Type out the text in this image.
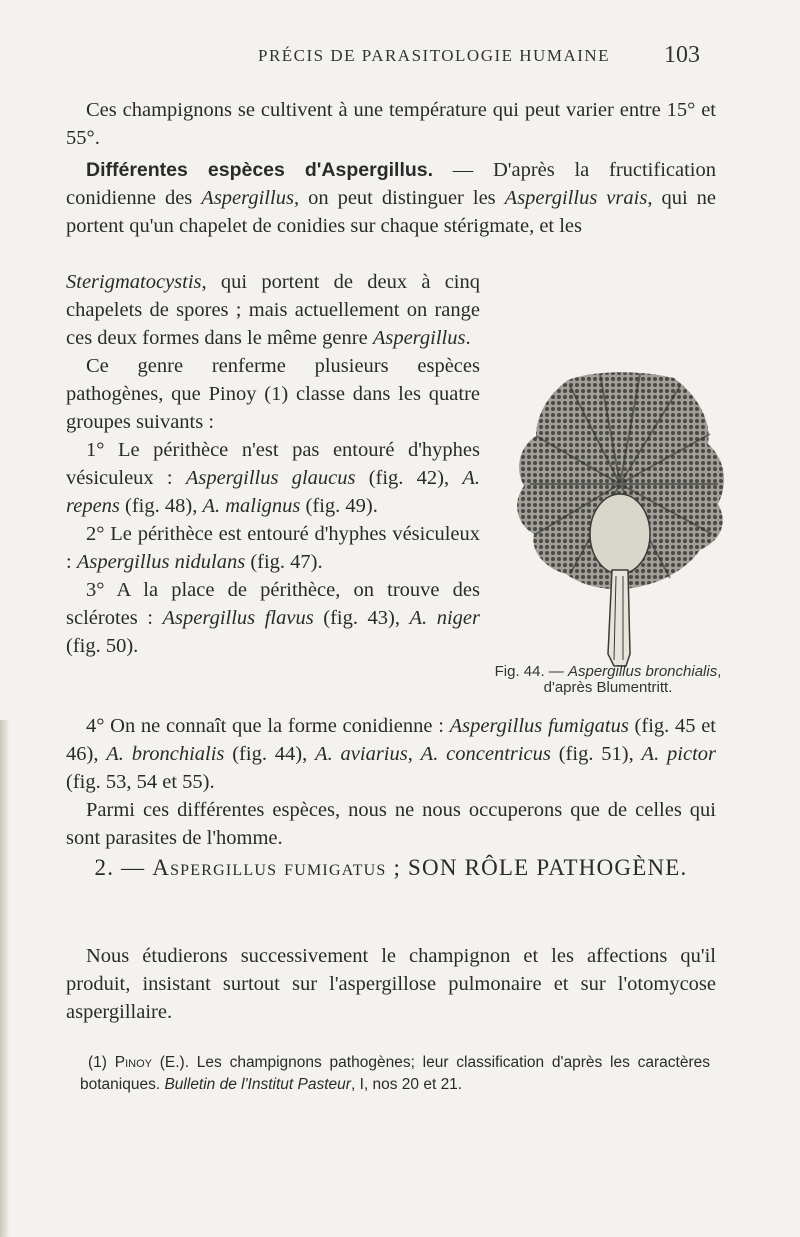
PRÉCIS DE PARASITOLOGIE HUMAINE 103

Ces champignons se cultivent à une température qui peut varier entre 15° et 55°.

Différentes espèces d'Aspergillus. — D'après la fructification conidienne des Aspergillus, on peut distinguer les Aspergillus vrais, qui ne portent qu'un chapelet de conidies sur chaque stérigmate, et les

Sterigmatocystis, qui portent de deux à cinq chapelets de spores ; mais actuellement on range ces deux formes dans le même genre Aspergillus.

Ce genre renferme plusieurs espèces pathogènes, que Pinoy (1) classe dans les quatre groupes suivants :

1° Le périthèce n'est pas entouré d'hyphes vésiculeux : Aspergillus glaucus (fig. 42), A. repens (fig. 48), A. malignus (fig. 49).

2° Le périthèce est entouré d'hyphes vésiculeux : Aspergillus nidulans (fig. 47).

3° A la place de périthèce, on trouve des sclérotes : Aspergillus flavus (fig. 43), A. niger (fig. 50).

4° On ne connaît que la forme conidienne : Aspergillus fumigatus (fig. 45 et 46), A. bronchialis (fig. 44), A. aviarius, A. concentricus (fig. 51), A. pictor (fig. 53, 54 et 55).

Parmi ces différentes espèces, nous ne nous occuperons que de celles qui sont parasites de l'homme.

Fig. 44. — Aspergillus bronchialis, d'après Blumentritt.
2. — Aspergillus fumigatus ; SON RÔLE PATHOGÈNE.

Nous étudierons successivement le champignon et les affections qu'il produit, insistant surtout sur l'aspergillose pulmonaire et sur l'otomycose aspergillaire.

(1) Pinoy (E.). Les champignons pathogènes; leur classification d'après les caractères botaniques. Bulletin de l'Institut Pasteur, I, nos 20 et 21.
